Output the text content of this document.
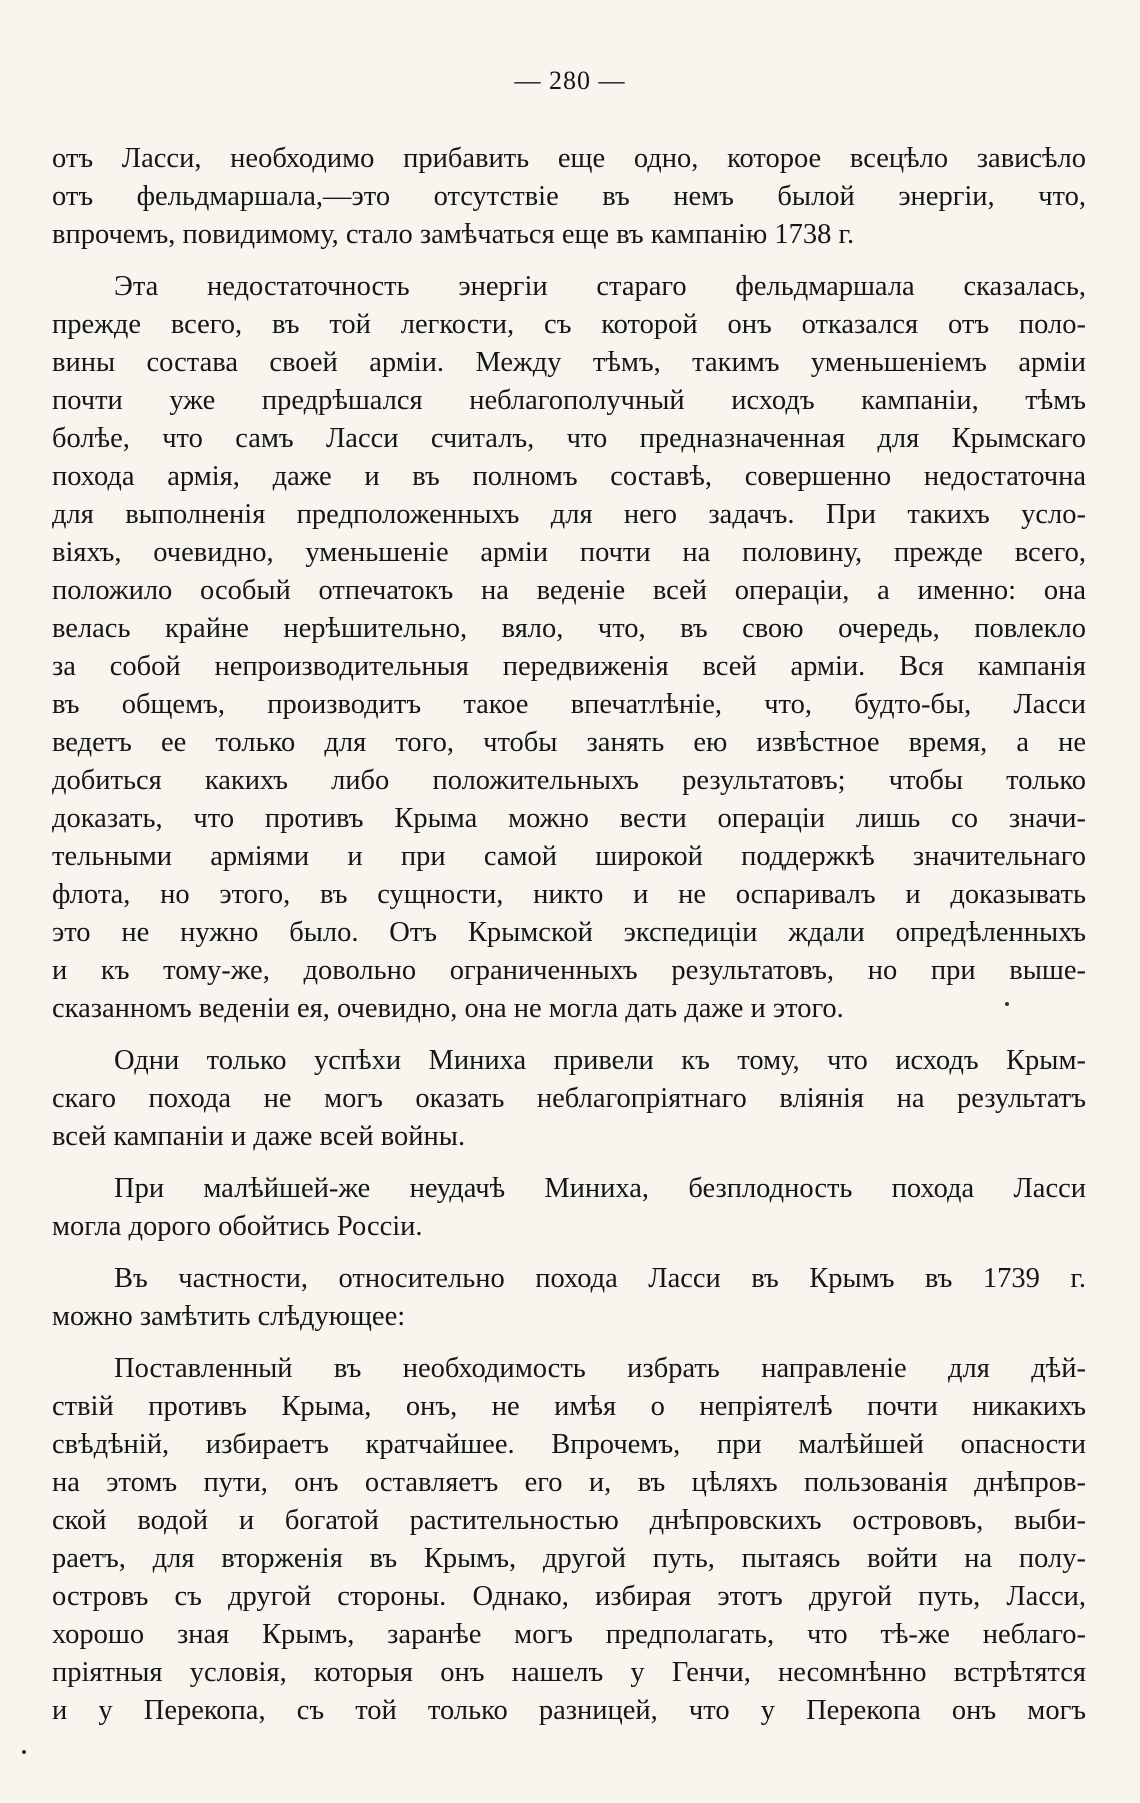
— 280 —
отъ Ласси, необходимо прибавить еще одно, которое всецѣло зависѣло
отъ фельдмаршала,—это отсутствіе въ немъ былой энергіи, что,
впрочемъ, повидимому, стало замѣчаться еще въ кампанію 1738 г.
Эта недостаточность энергіи стараго фельдмаршала сказалась,
прежде всего, въ той легкости, съ которой онъ отказался отъ поло-
вины состава своей арміи. Между тѣмъ, такимъ уменьшеніемъ арміи
почти уже предрѣшался неблагополучный исходъ кампаніи, тѣмъ
болѣе, что самъ Ласси считалъ, что предназначенная для Крымскаго
похода армія, даже и въ полномъ составѣ, совершенно недостаточна
для выполненія предположенныхъ для него задачъ. При такихъ усло-
віяхъ, очевидно, уменьшеніе арміи почти на половину, прежде всего,
положило особый отпечатокъ на веденіе всей операціи, а именно: она
велась крайне нерѣшительно, вяло, что, въ свою очередь, повлекло
за собой непроизводительныя передвиженія всей арміи. Вся кампанія
въ общемъ, производитъ такое впечатлѣніе, что, будто-бы, Ласси
ведетъ ее только для того, чтобы занять ею извѣстное время, а не
добиться какихъ либо положительныхъ результатовъ; чтобы только
доказать, что противъ Крыма можно вести операціи лишь со значи-
тельными арміями и при самой широкой поддержкѣ значительнаго
флота, но этого, въ сущности, никто и не оспаривалъ и доказывать
это не нужно было. Отъ Крымской экспедиціи ждали опредѣленныхъ
и къ тому-же, довольно ограниченныхъ результатовъ, но при выше-
сказанномъ веденіи ея, очевидно, она не могла дать даже и этого.
Одни только успѣхи Миниха привели къ тому, что исходъ Крым-
скаго похода не могъ оказать неблагопріятнаго вліянія на результатъ
всей кампаніи и даже всей войны.
При малѣйшей-же неудачѣ Миниха, безплодность похода Ласси
могла дорого обойтись Россіи.
Въ частности, относительно похода Ласси въ Крымъ въ 1739 г.
можно замѣтить слѣдующее:
Поставленный въ необходимость избрать направленіе для дѣй-
ствій противъ Крыма, онъ, не имѣя о непріятелѣ почти никакихъ
свѣдѣній, избираетъ кратчайшее. Впрочемъ, при малѣйшей опасности
на этомъ пути, онъ оставляетъ его и, въ цѣляхъ пользованія днѣпров-
ской водой и богатой растительностью днѣпровскихъ острововъ, выби-
раетъ, для вторженія въ Крымъ, другой путь, пытаясь войти на полу-
островъ съ другой стороны. Однако, избирая этотъ другой путь, Ласси,
хорошо зная Крымъ, заранѣе могъ предполагать, что тѣ-же неблаго-
пріятныя условія, которыя онъ нашелъ у Генчи, несомнѣнно встрѣтятся
и у Перекопа, съ той только разницей, что у Перекопа онъ могъ
